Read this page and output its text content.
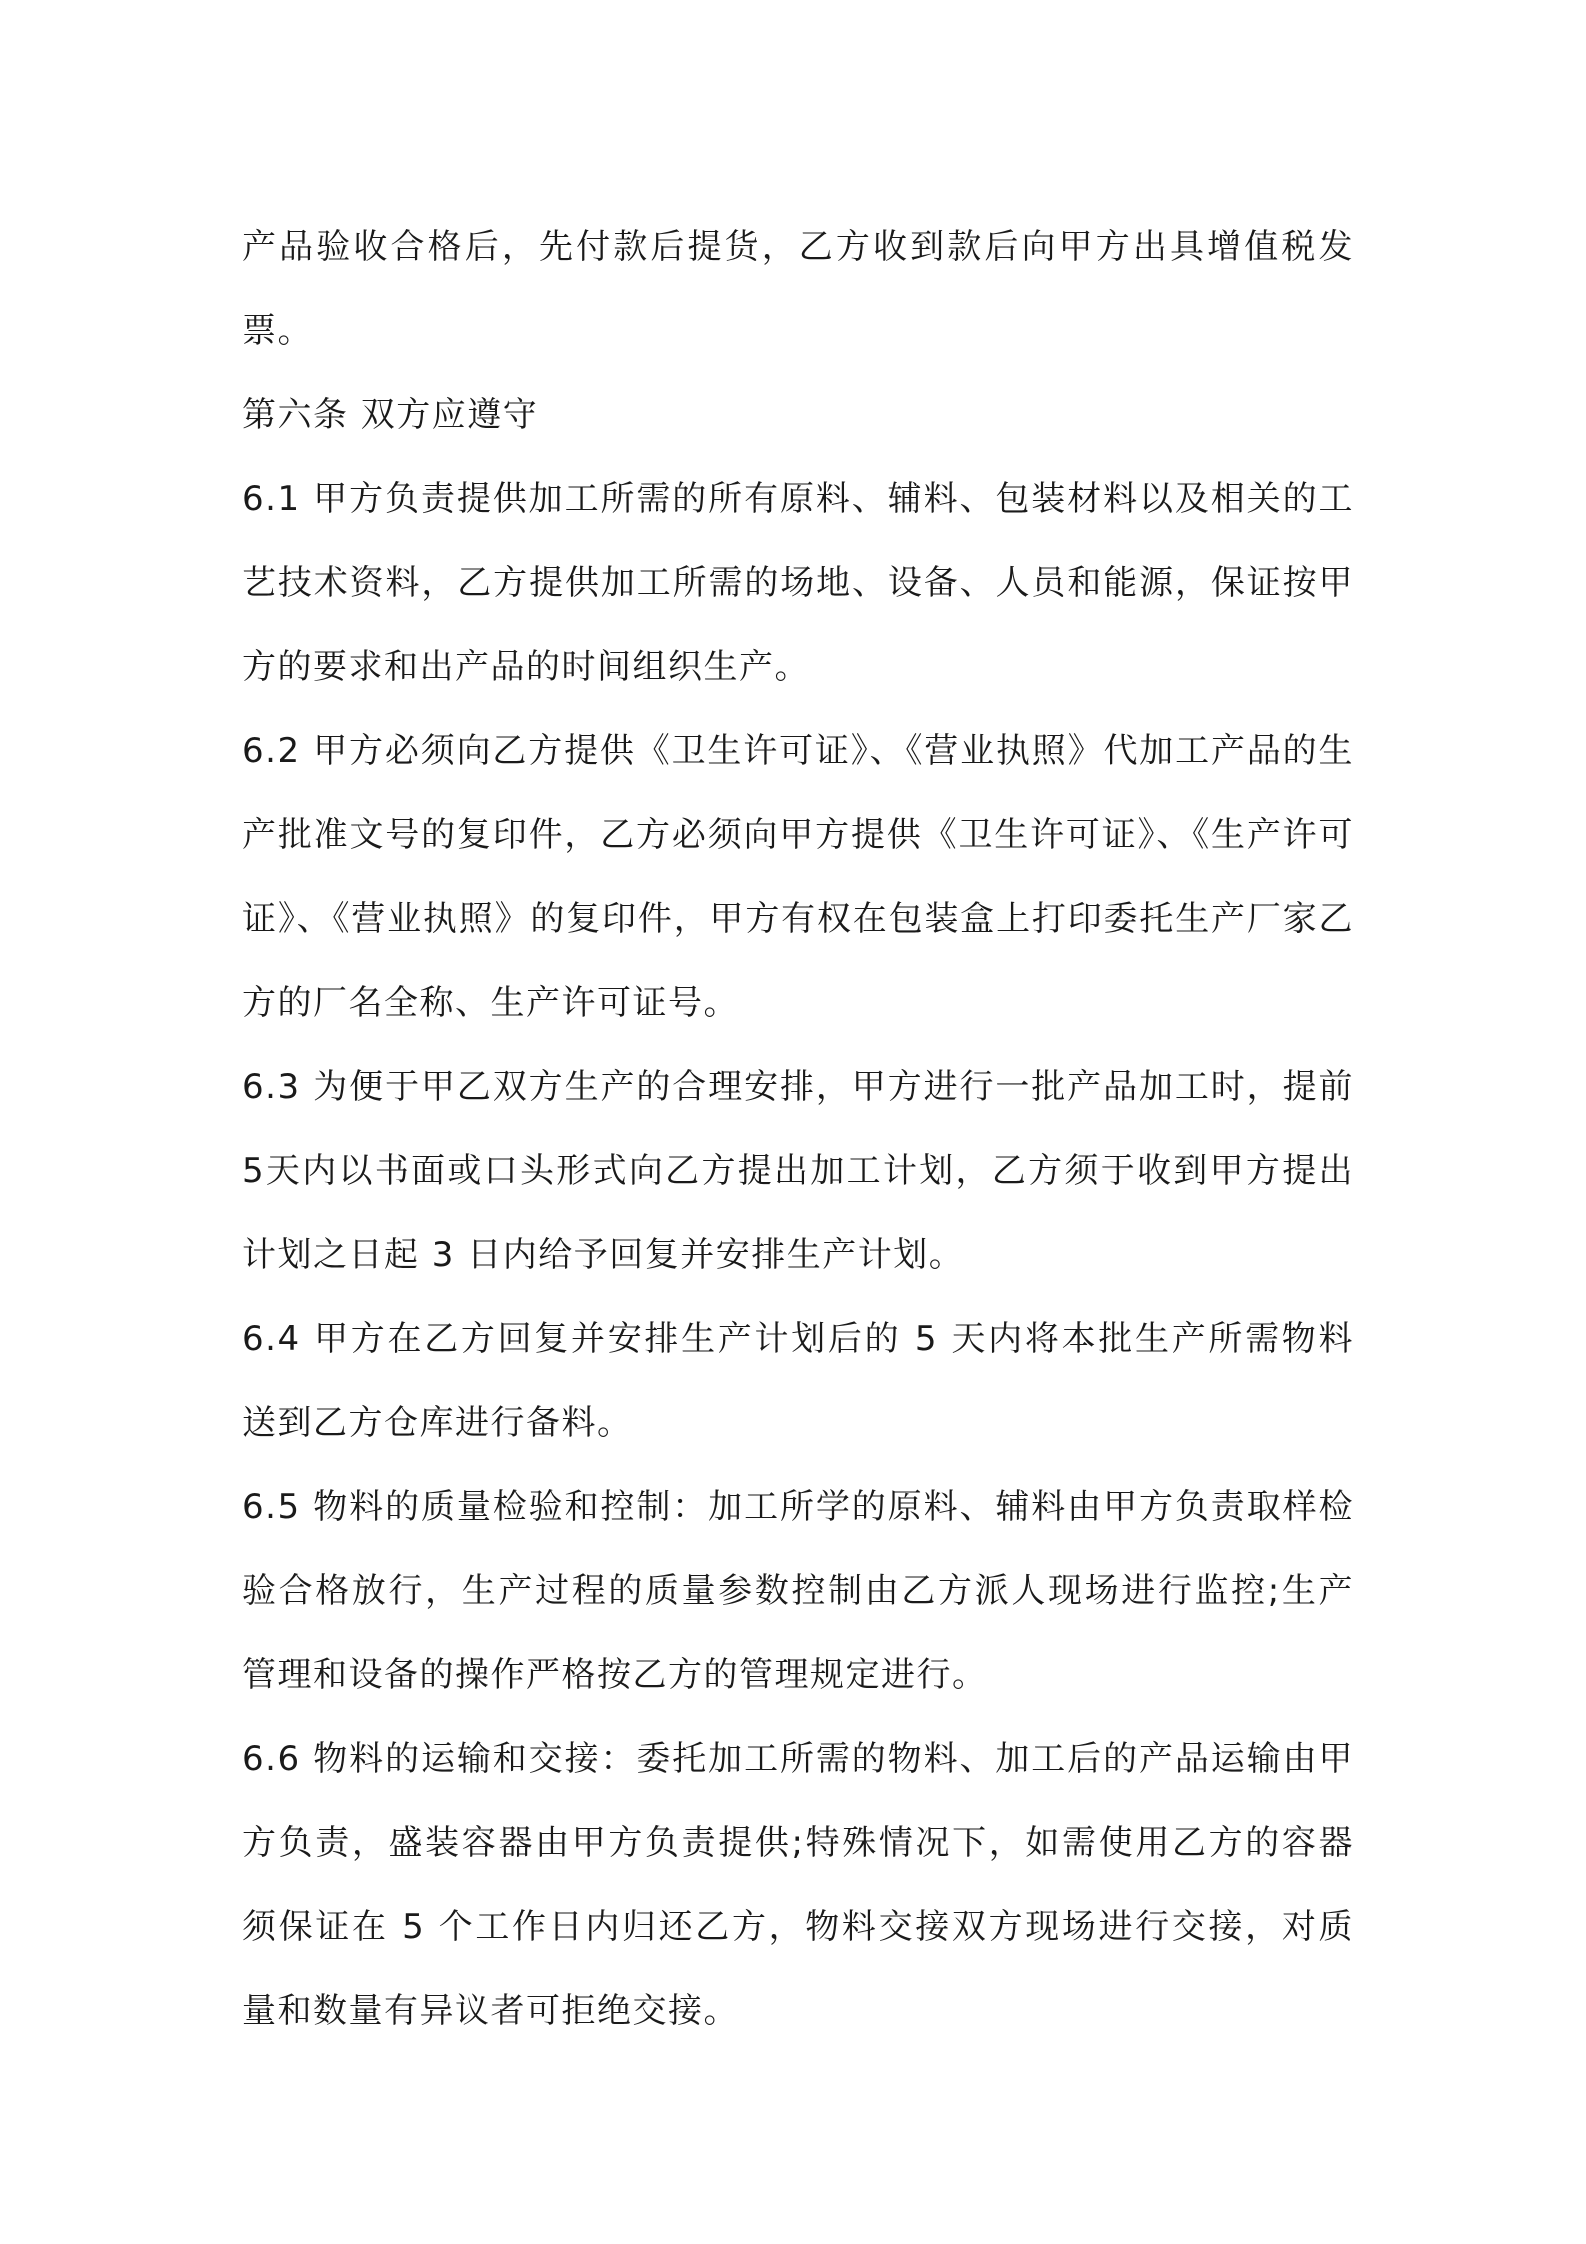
产品验收合格后，先付款后提货，乙方收到款后向甲方出具增值税发票。

第六条 双方应遵守

6.1 甲方负责提供加工所需的所有原料、辅料、包装材料以及相关的工艺技术资料，乙方提供加工所需的场地、设备、人员和能源，保证按甲方的要求和出产品的时间组织生产。

6.2 甲方必须向乙方提供《卫生许可证》、《营业执照》代加工产品的生产批准文号的复印件，乙方必须向甲方提供《卫生许可证》、《生产许可证》、《营业执照》的复印件，甲方有权在包装盒上打印委托生产厂家乙方的厂名全称、生产许可证号。

6.3 为便于甲乙双方生产的合理安排，甲方进行一批产品加工时，提前5天内以书面或口头形式向乙方提出加工计划，乙方须于收到甲方提出计划之日起 3 日内给予回复并安排生产计划。

6.4 甲方在乙方回复并安排生产计划后的 5 天内将本批生产所需物料送到乙方仓库进行备料。

6.5 物料的质量检验和控制：加工所学的原料、辅料由甲方负责取样检验合格放行，生产过程的质量参数控制由乙方派人现场进行监控;生产管理和设备的操作严格按乙方的管理规定进行。

6.6 物料的运输和交接：委托加工所需的物料、加工后的产品运输由甲方负责，盛装容器由甲方负责提供;特殊情况下，如需使用乙方的容器须保证在 5 个工作日内归还乙方，物料交接双方现场进行交接，对质量和数量有异议者可拒绝交接。
